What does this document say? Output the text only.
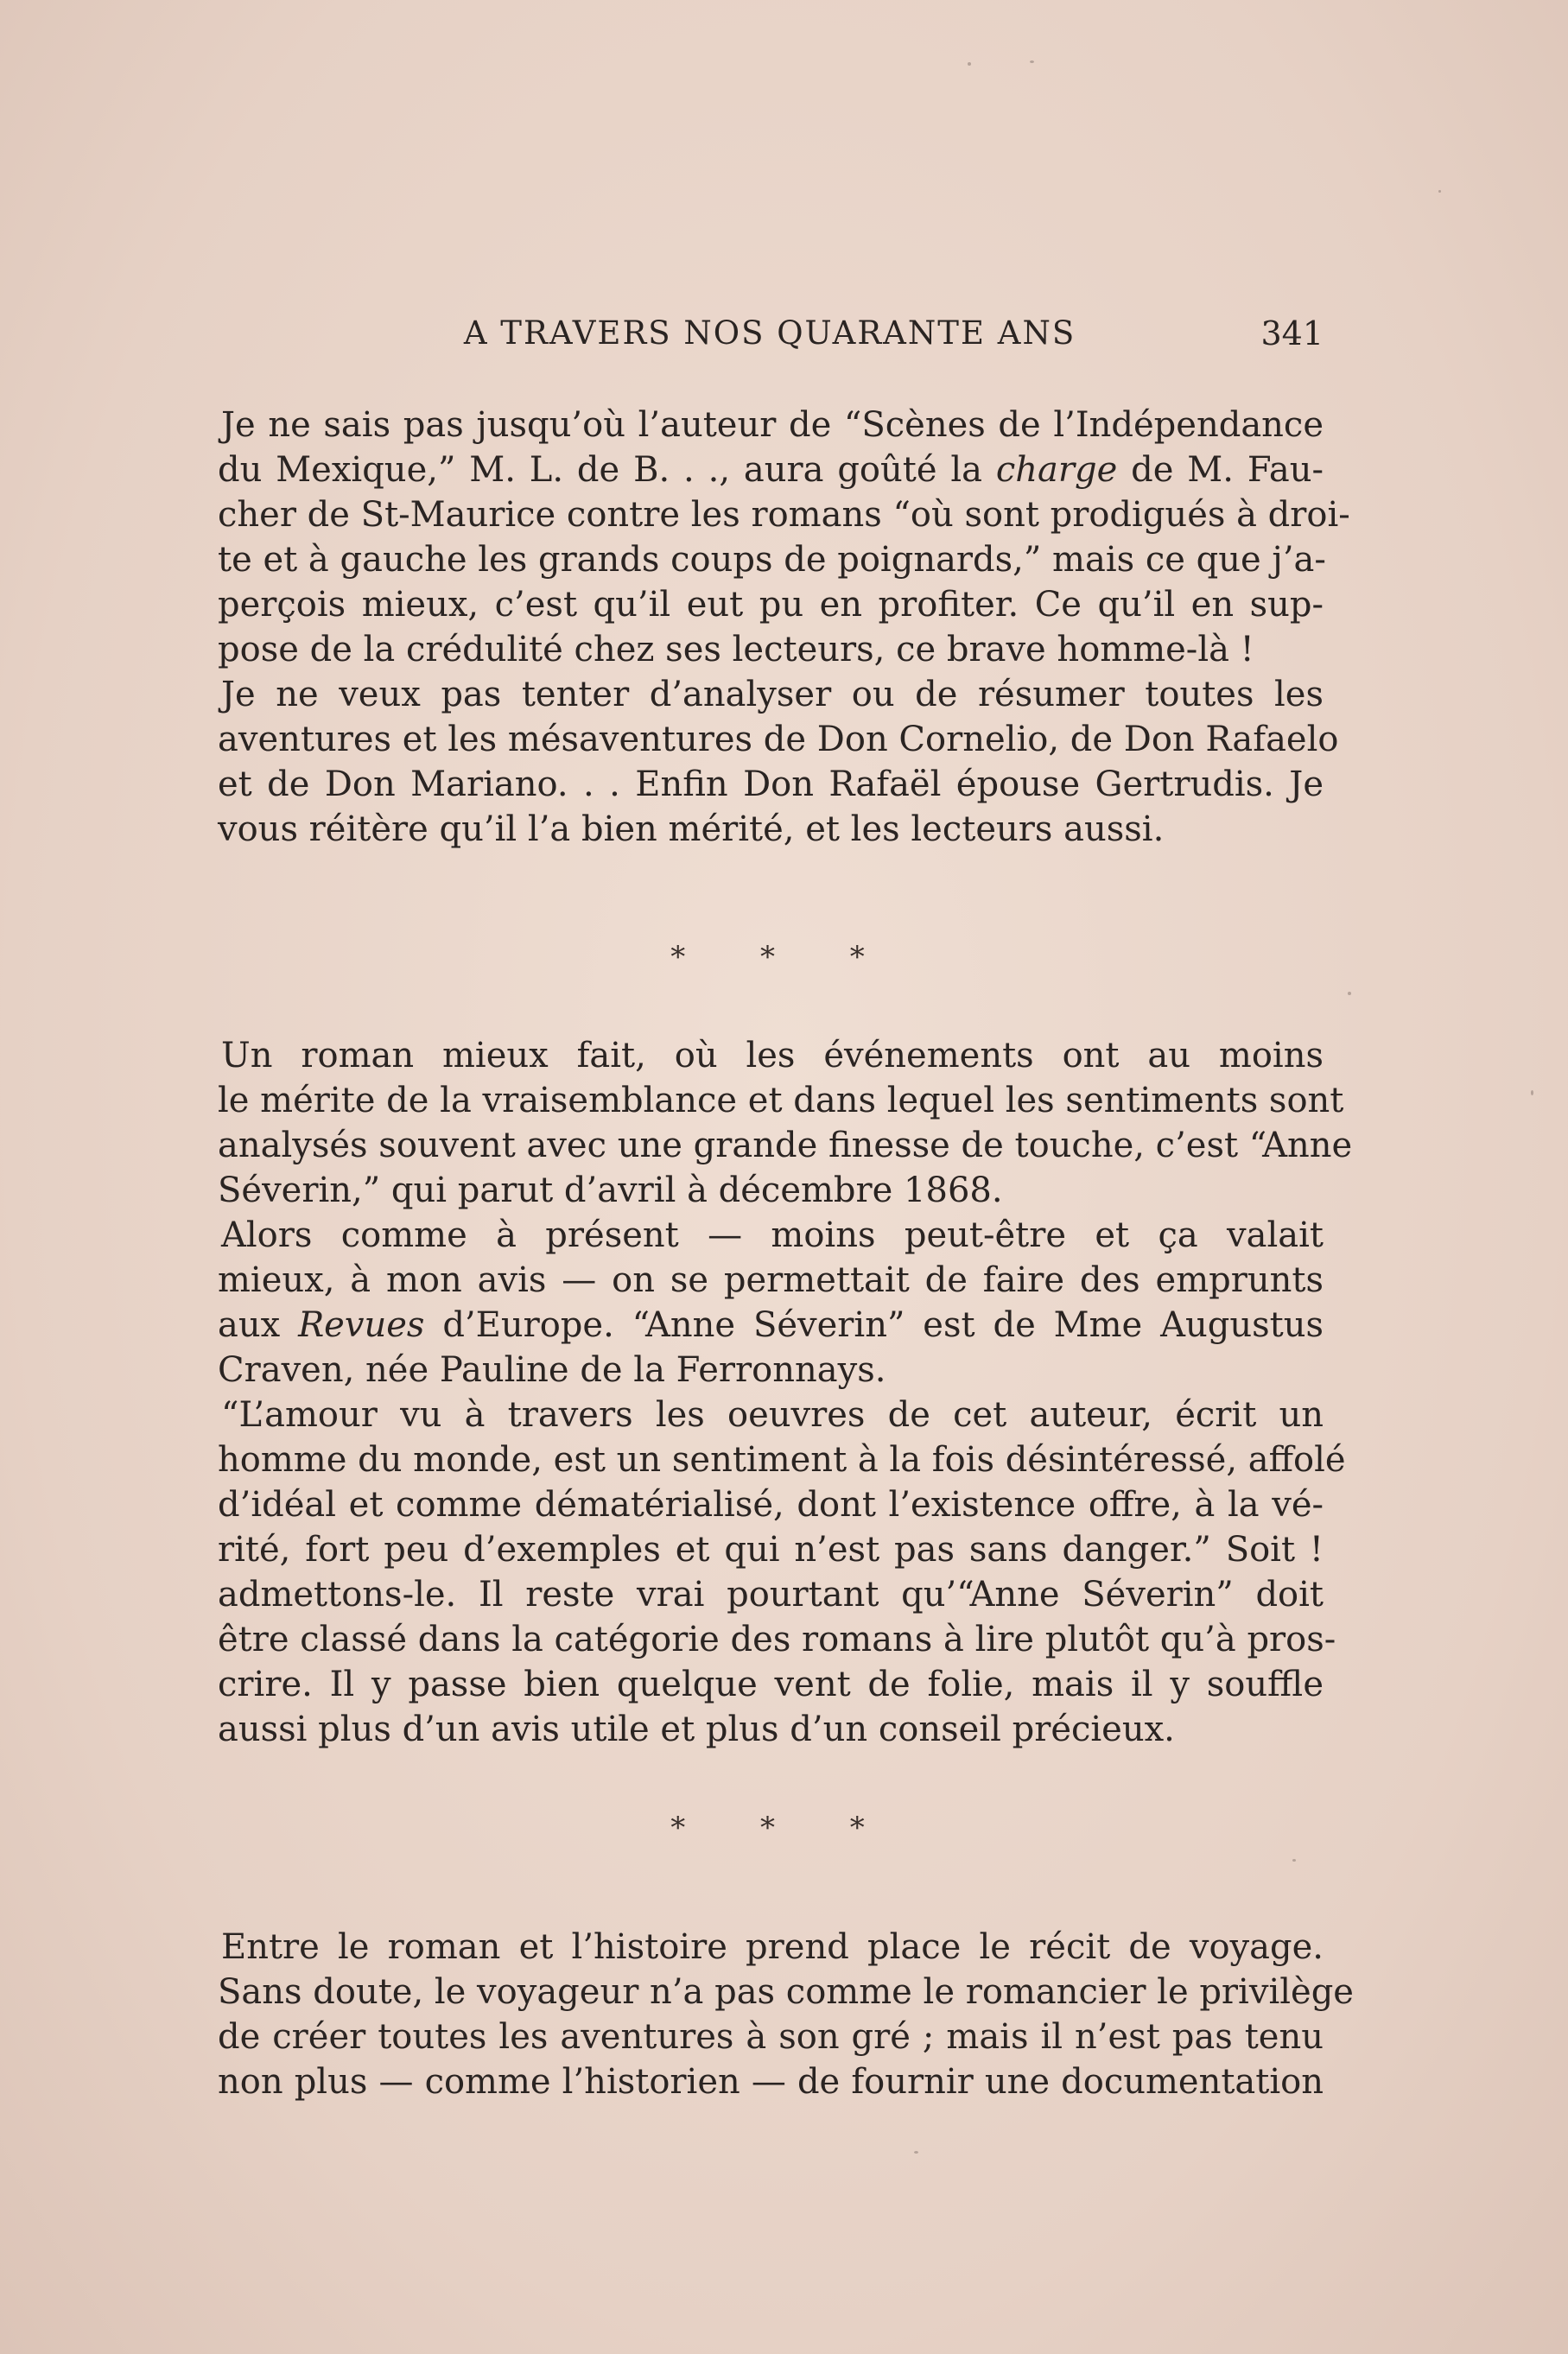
A TRAVERS NOS QUARANTE ANS	341

Je ne sais pas jusqu’où l’auteur de “Scènes de l’Indépendance
du Mexique,” M. L. de B. . ., aura goûté la charge de M. Fau-
cher de St-Maurice contre les romans “où sont prodigués à droi-
te et à gauche les grands coups de poignards,” mais ce que j’a-
perçois mieux, c’est qu’il eut pu en profiter. Ce qu’il en sup-
pose de la crédulité chez ses lecteurs, ce brave homme-là !

Je ne veux pas tenter d’analyser ou de résumer toutes les
aventures et les mésaventures de Don Cornelio, de Don Rafaelo
et de Don Mariano. . . Enfin Don Rafaël épouse Gertrudis. Je
vous réitère qu’il l’a bien mérité, et les lecteurs aussi.

* * *

Un roman mieux fait, où les événements ont au moins
le mérite de la vraisemblance et dans lequel les sentiments sont
analysés souvent avec une grande finesse de touche, c’est “Anne
Séverin,” qui parut d’avril à décembre 1868.

Alors comme à présent — moins peut-être et ça valait
mieux, à mon avis — on se permettait de faire des emprunts
aux Revues d’Europe. “Anne Séverin” est de Mme Augustus
Craven, née Pauline de la Ferronnays.

“L’amour vu à travers les oeuvres de cet auteur, écrit un
homme du monde, est un sentiment à la fois désintéressé, affolé
d’idéal et comme dématérialisé, dont l’existence offre, à la vé-
rité, fort peu d’exemples et qui n’est pas sans danger.” Soit !
admettons-le. Il reste vrai pourtant qu’“Anne Séverin” doit
être classé dans la catégorie des romans à lire plutôt qu’à pros-
crire. Il y passe bien quelque vent de folie, mais il y souffle
aussi plus d’un avis utile et plus d’un conseil précieux.

* * *

Entre le roman et l’histoire prend place le récit de voyage.
Sans doute, le voyageur n’a pas comme le romancier le privilège
de créer toutes les aventures à son gré ; mais il n’est pas tenu
non plus — comme l’historien — de fournir une documentation
